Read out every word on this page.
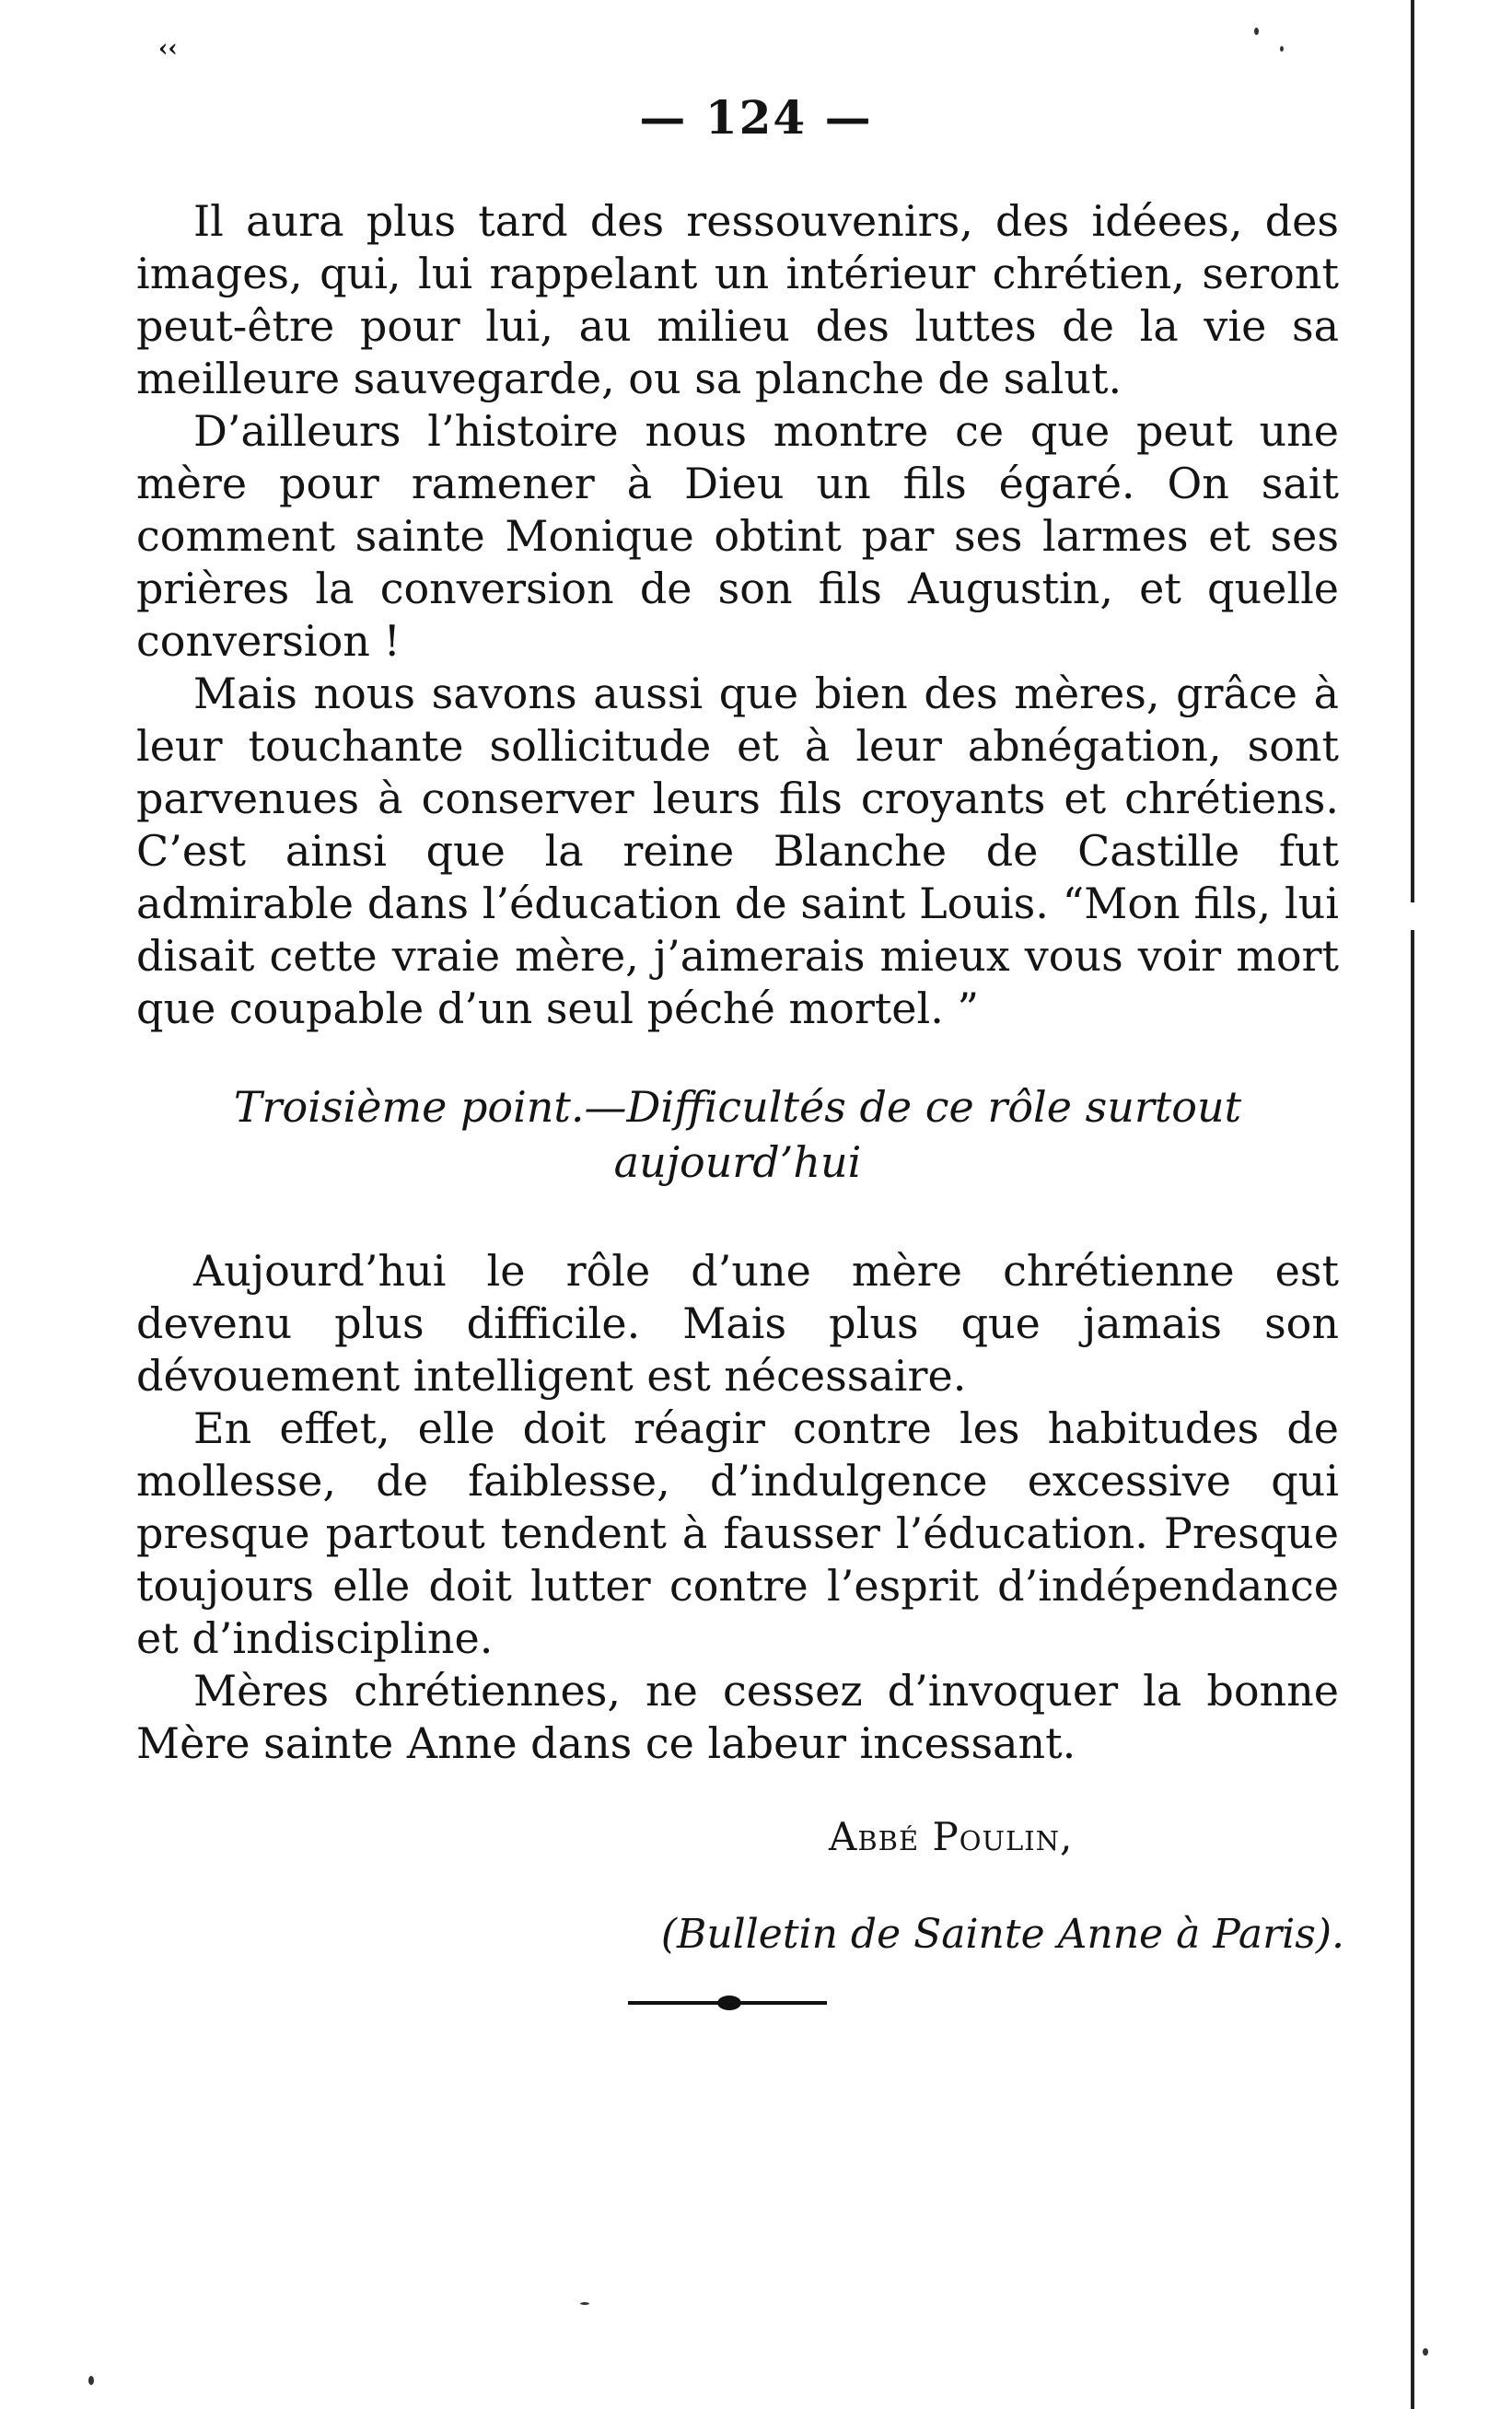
‹‹
— 124 —

Il aura plus tard des ressouvenirs, des idéees, des images, qui, lui rappelant un intérieur chrétien, seront peut-être pour lui, au milieu des luttes de la vie sa meilleure sauvegarde, ou sa planche de salut.

D’ailleurs l’histoire nous montre ce que peut une mère pour ramener à Dieu un fils égaré. On sait comment sainte Monique obtint par ses larmes et ses prières la conversion de son fils Augustin, et quelle conversion !

Mais nous savons aussi que bien des mères, grâce à leur touchante sollicitude et à leur abnégation, sont parvenues à conserver leurs fils croyants et chrétiens. C’est ainsi que la reine Blanche de Castille fut admirable dans l’éducation de saint Louis. “Mon fils, lui disait cette vraie mère, j’aimerais mieux vous voir mort que coupable d’un seul péché mortel. ”

Troisième point.—Difficultés de ce rôle surtout
aujourd’hui

Aujourd’hui le rôle d’une mère chrétienne est devenu plus difficile. Mais plus que jamais son dévouement intelligent est nécessaire.

En effet, elle doit réagir contre les habitudes de mollesse, de faiblesse, d’indulgence excessive qui presque partout tendent à fausser l’éducation. Presque toujours elle doit lutter contre l’esprit d’indépendance et d’indiscipline.

Mères chrétiennes, ne cessez d’invoquer la bonne Mère sainte Anne dans ce labeur incessant.

Abbé Poulin,
(Bulletin de Sainte Anne à Paris).
